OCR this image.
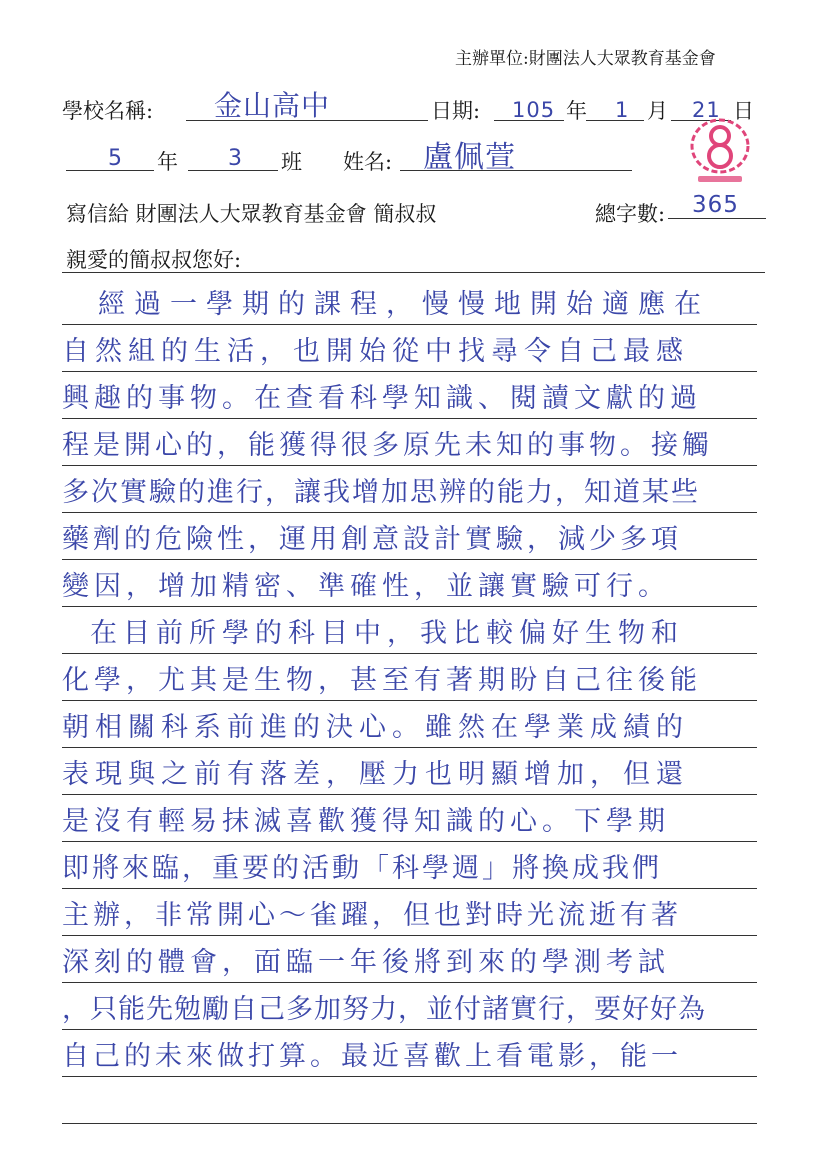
主辦單位:財團法人大眾教育基金會
學校名稱: 金山高中	日期: 105 年 1 月 21 日
5 年 3 班 姓名: 盧佩萱
寫信給 財團法人大眾教育基金會 簡叔叔	總字數: 365
親愛的簡叔叔您好:
經過一學期的課程，慢慢地開始適應在
自然組的生活，也開始從中找尋令自己最感
興趣的事物。在查看科學知識、閱讀文獻的過
程是開心的，能獲得很多原先未知的事物。接觸
多次實驗的進行，讓我增加思辨的能力，知道某些
藥劑的危險性，運用創意設計實驗，減少多項
變因，增加精密、準確性，並讓實驗可行。
在目前所學的科目中，我比較偏好生物和
化學，尤其是生物，甚至有著期盼自己往後能
朝相關科系前進的決心。雖然在學業成績的
表現與之前有落差，壓力也明顯增加，但還
是沒有輕易抹滅喜歡獲得知識的心。下學期
即將來臨，重要的活動「科學週」將換成我們
主辦，非常開心～雀躍，但也對時光流逝有著
深刻的體會，面臨一年後將到來的學測考試
，只能先勉勵自己多加努力，並付諸實行，要好好為
自己的未來做打算。最近喜歡上看電影，能一
